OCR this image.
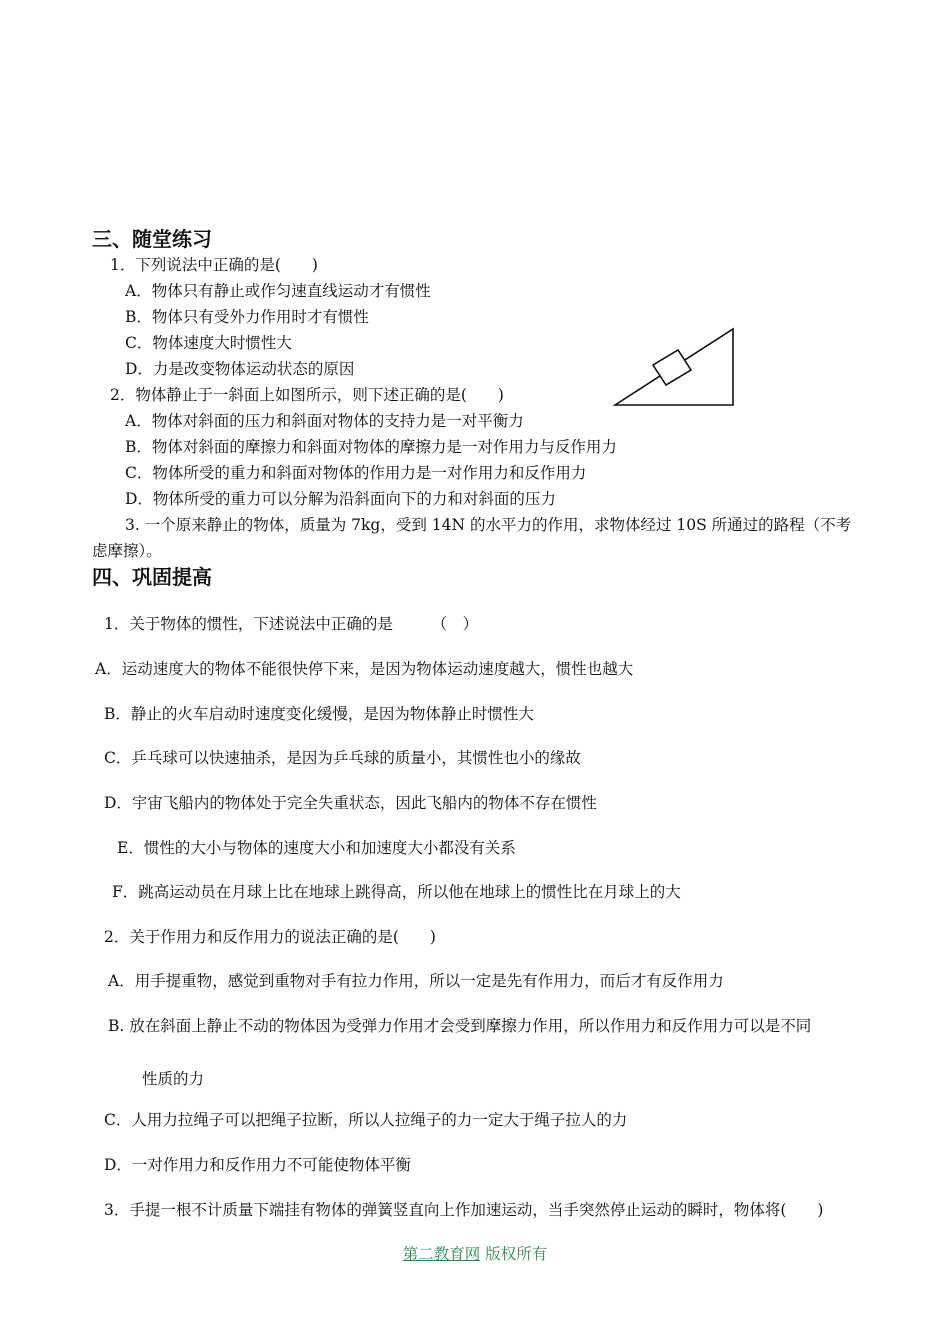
三、随堂练习
1．下列说法中正确的是(　　)
A．物体只有静止或作匀速直线运动才有惯性
B．物体只有受外力作用时才有惯性
C．物体速度大时惯性大
D．力是改变物体运动状态的原因
2．物体静止于一斜面上如图所示，则下述正确的是(　　)
A．物体对斜面的压力和斜面对物体的支持力是一对平衡力
B．物体对斜面的摩擦力和斜面对物体的摩擦力是一对作用力与反作用力
C．物体所受的重力和斜面对物体的作用力是一对作用力和反作用力
D．物体所受的重力可以分解为沿斜面向下的力和对斜面的压力
3. 一个原来静止的物体，质量为 7kg，受到 14N 的水平力的作用，求物体经过 10S 所通过的路程（不考
虑摩擦）。
四、巩固提高
1．关于物体的惯性，下述说法中正确的是　　　（　）
A．运动速度大的物体不能很快停下来，是因为物体运动速度越大，惯性也越大
B．静止的火车启动时速度变化缓慢，是因为物体静止时惯性大
C．乒乓球可以快速抽杀，是因为乒乓球的质量小，其惯性也小的缘故
D．宇宙飞船内的物体处于完全失重状态，因此飞船内的物体不存在惯性
E．惯性的大小与物体的速度大小和加速度大小都没有关系
F．跳高运动员在月球上比在地球上跳得高，所以他在地球上的惯性比在月球上的大
2．关于作用力和反作用力的说法正确的是(　　)
A．用手提重物，感觉到重物对手有拉力作用，所以一定是先有作用力，而后才有反作用力
B. 放在斜面上静止不动的物体因为受弹力作用才会受到摩擦力作用，所以作用力和反作用力可以是不同
性质的力
C．人用力拉绳子可以把绳子拉断，所以人拉绳子的力一定大于绳子拉人的力
D．一对作用力和反作用力不可能使物体平衡
3．手提一根不计质量下端挂有物体的弹簧竖直向上作加速运动，当手突然停止运动的瞬时，物体将(　　)
第二教育网 版权所有
